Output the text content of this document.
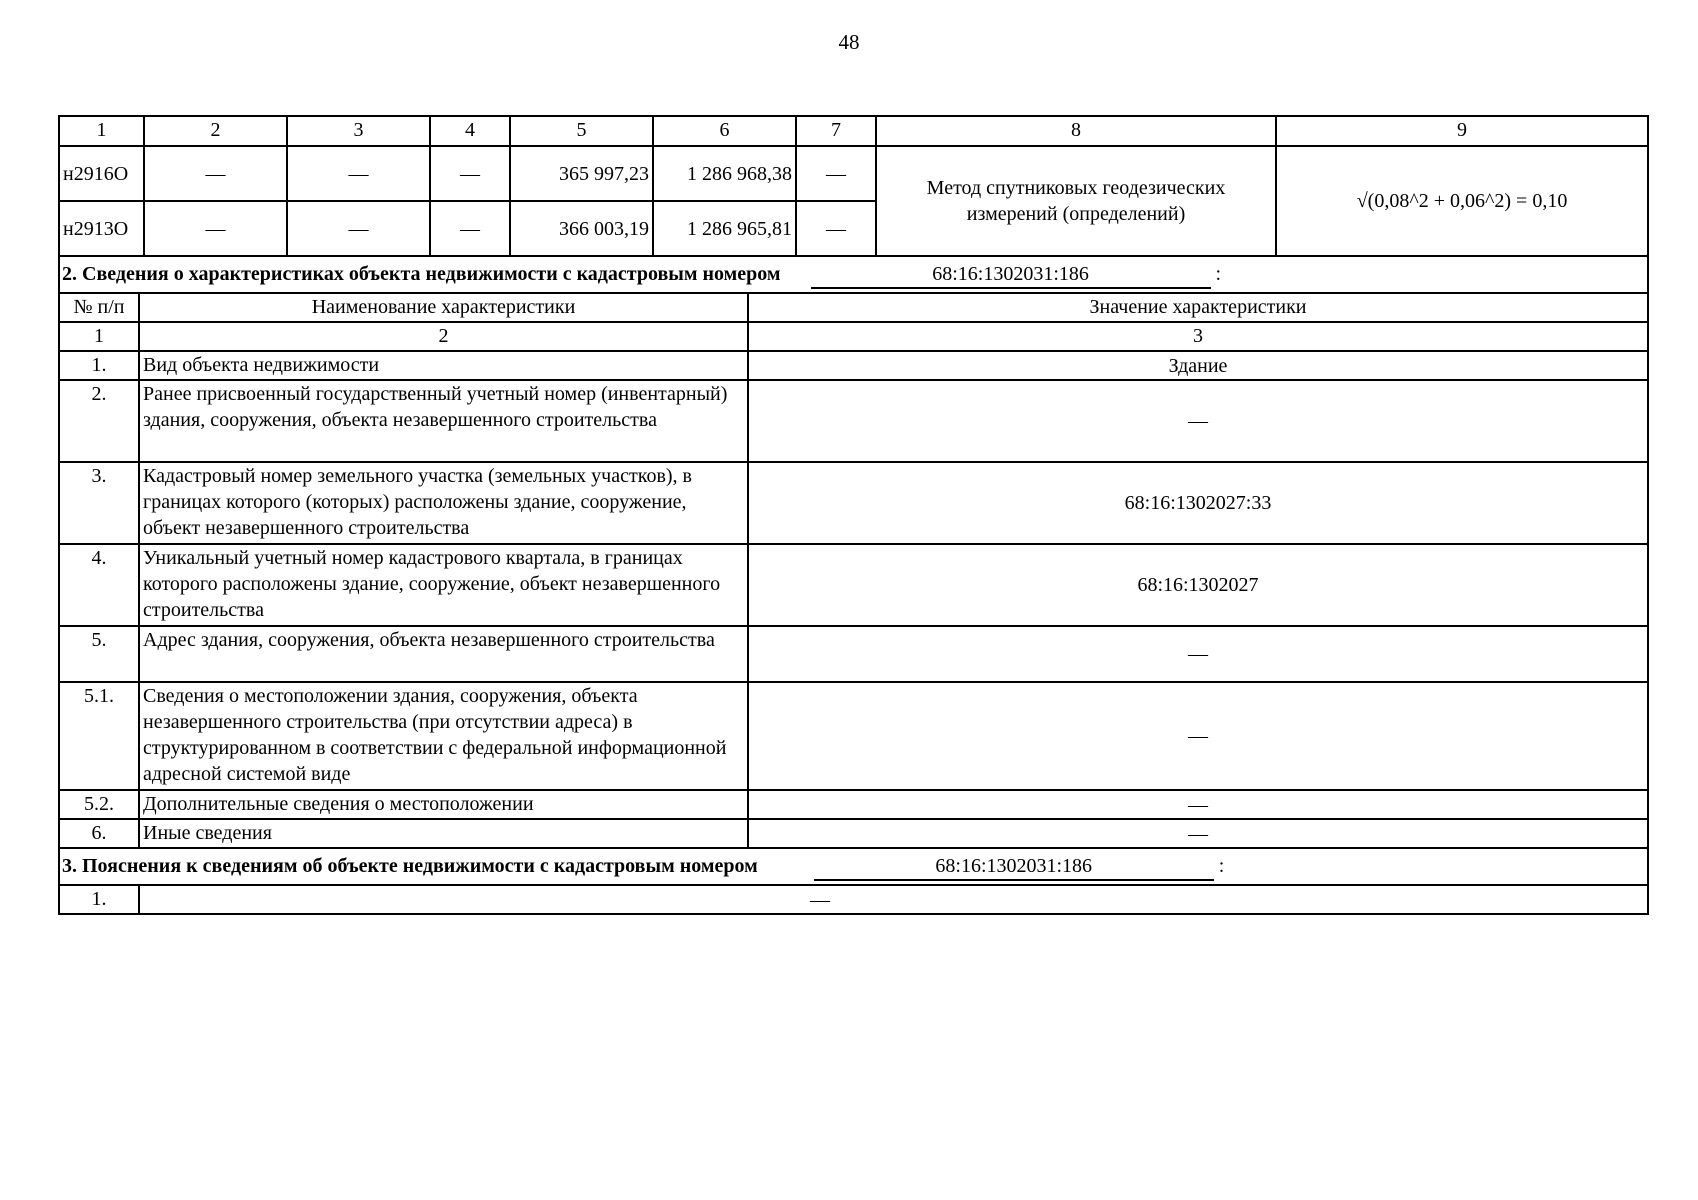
48
1	2	3	4	5	6	7	8	9
н2916О	—	—	—	365 997,23	1 286 968,38	—	Метод спутниковых геодезических измерений (определений)	√(0,08^2 + 0,06^2) = 0,10
н2913О	—	—	—	366 003,19	1 286 965,81	—		
2. Сведения о характеристиках объекта недвижимости с кадастровым номером 68:16:1302031:186 :		
№ п/п	Наименование характеристики	Значение характеристики
1	2	3
1.	Вид объекта недвижимости	Здание
2.	Ранее присвоенный государственный учетный номер (инвентарный) здания, сооружения, объекта незавершенного строительства	—
3.	Кадастровый номер земельного участка (земельных участков), в границах которого (которых) расположены здание, сооружение, объект незавершенного строительства	68:16:1302027:33
4.	Уникальный учетный номер кадастрового квартала, в границах которого расположены здание, сооружение, объект незавершенного строительства	68:16:1302027
5.	Адрес здания, сооружения, объекта незавершенного строительства	—
5.1.	Сведения о местоположении здания, сооружения, объекта незавершенного строительства (при отсутствии адреса) в структурированном в соответствии с федеральной информационной адресной системой виде	—
5.2.	Дополнительные сведения о местоположении	—
6.	Иные сведения	—
3. Пояснения к сведениям об объекте недвижимости с кадастровым номером 68:16:1302031:186 :		
1.	—	
